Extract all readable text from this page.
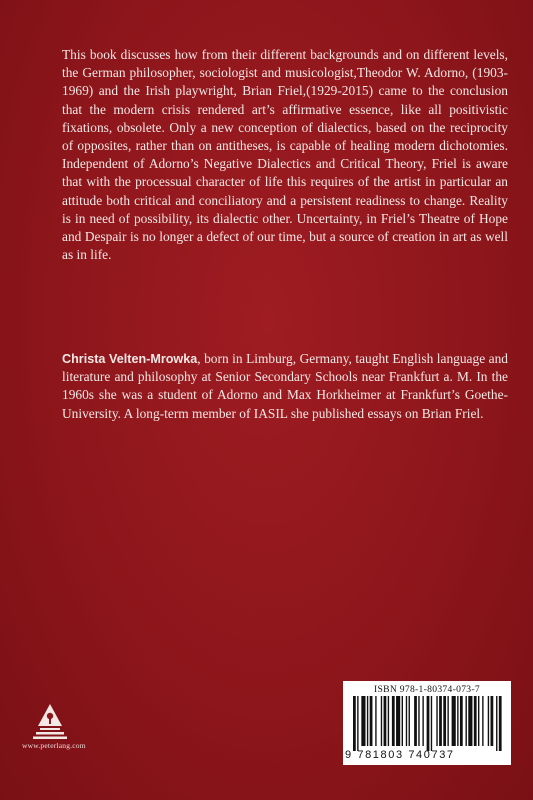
This book discusses how from their different backgrounds and on different levels, the German philosopher, sociologist and musicologist,Theodor W. Adorno, (1903-1969) and the Irish playwright, Brian Friel,(1929-2015) came to the conclusion that the modern crisis rendered art’s affirmative essence, like all positivistic fixations, obsolete. Only a new conception of dialectics, based on the reciprocity of opposites, rather than on antitheses, is capable of healing modern dichotomies. Independent of Adorno’s Negative Dialectics and Critical Theory, Friel is aware that with the processual character of life this requires of the artist in particular an attitude both critical and conciliatory and a persistent readiness to change. Reality is in need of possibility, its dialectic other. Uncertainty, in Friel’s Theatre of Hope and Despair is no longer a defect of our time, but a source of creation in art as well as in life.

Christa Velten-Mrowka, born in Limburg, Germany, taught English language and literature and philosophy at Senior Secondary Schools near Frankfurt a. M. In the 1960s she was a student of Adorno and Max Horkheimer at Frankfurt’s Goethe-University. A long-term member of IASIL she published essays on Brian Friel.

www.peterlang.com
ISBN 978-1-80374-073-7
9 781803 740737
